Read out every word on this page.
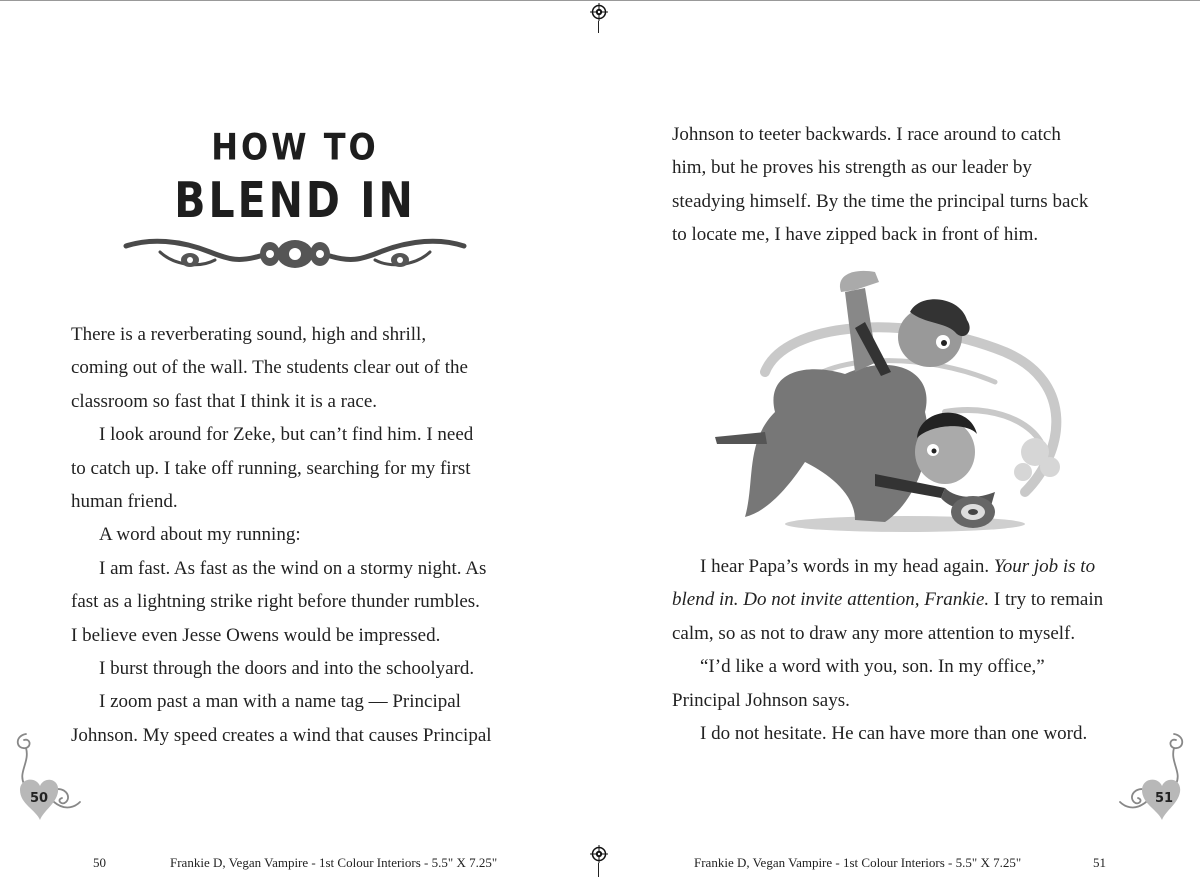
HOW TO
BLEND IN

There is a reverberating sound, high and shrill,
coming out of the wall. The students clear out of the
classroom so fast that I think it is a race.

I look around for Zeke, but can’t find him. I need
to catch up. I take off running, searching for my first
human friend.

A word about my running:

I am fast. As fast as the wind on a stormy night. As
fast as a lightning strike right before thunder rumbles.
I believe even Jesse Owens would be impressed.

I burst through the doors and into the schoolyard.

I zoom past a man with a name tag — Principal
Johnson. My speed creates a wind that causes Principal

50

Johnson to teeter backwards. I race around to catch
him, but he proves his strength as our leader by
steadying himself. By the time the principal turns back
to locate me, I have zipped back in front of him.

I hear Papa’s words in my head again. Your job is to
blend in. Do not invite attention, Frankie. I try to remain
calm, so as not to draw any more attention to myself.

“I’d like a word with you, son. In my office,”
Principal Johnson says.

I do not hesitate. He can have more than one word.

51
50	Frankie D, Vegan Vampire - 1st Colour Interiors - 5.5" X 7.25"	Frankie D, Vegan Vampire - 1st Colour Interiors - 5.5" X 7.25"	51
